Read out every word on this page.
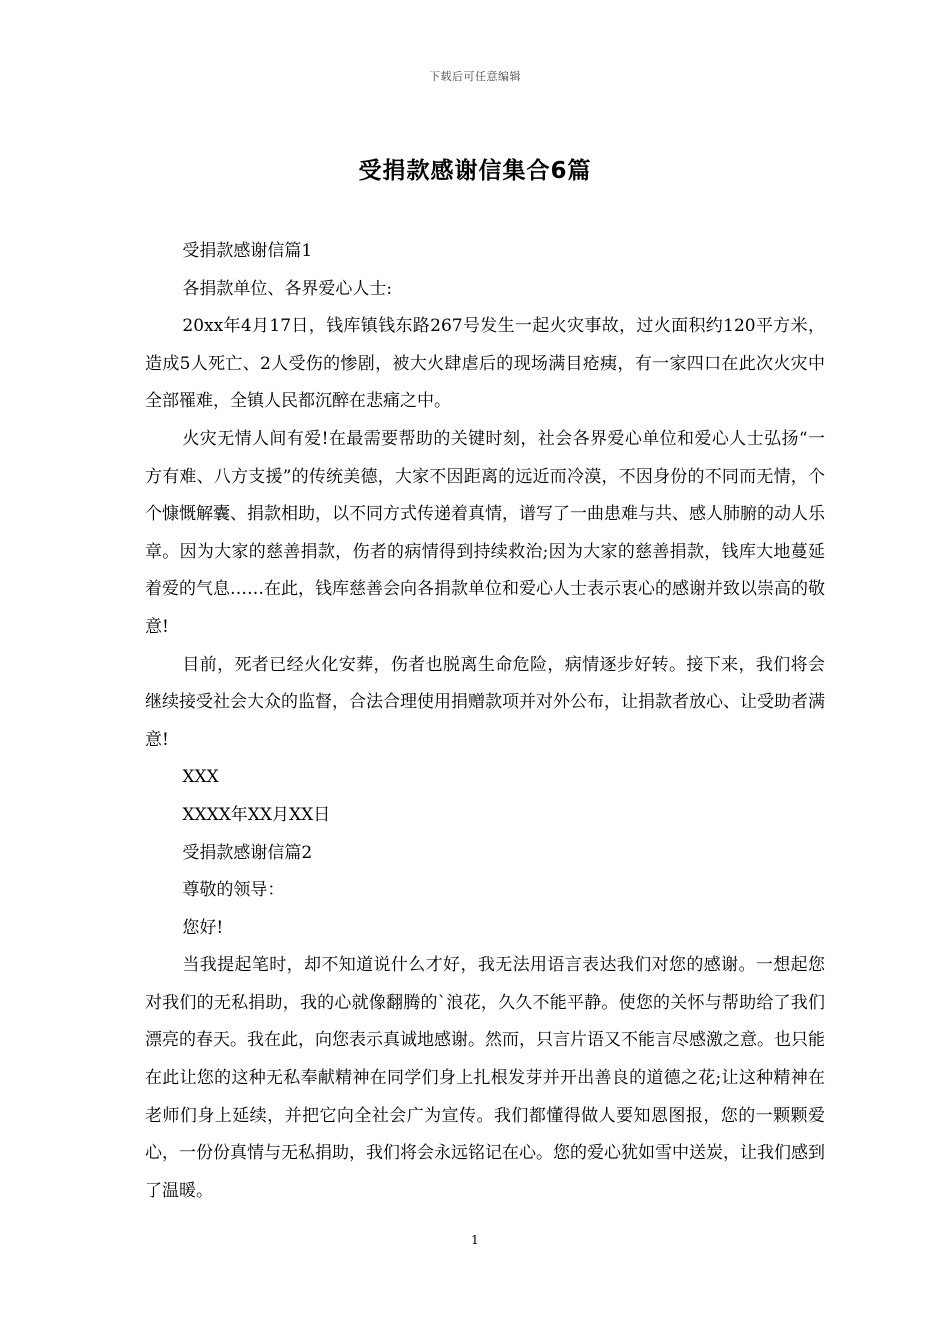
下载后可任意编辑
受捐款感谢信集合6篇

受捐款感谢信篇1

各捐款单位、各界爱心人士:

20xx年4月17日，钱库镇钱东路267号发生一起火灾事故，过火面积约120平方米，造成5人死亡、2人受伤的惨剧，被大火肆虐后的现场满目疮痍，有一家四口在此次火灾中全部罹难，全镇人民都沉醉在悲痛之中。

火灾无情人间有爱!在最需要帮助的关键时刻，社会各界爱心单位和爱心人士弘扬“一方有难、八方支援”的传统美德，大家不因距离的远近而冷漠，不因身份的不同而无情，个个慷慨解囊、捐款相助，以不同方式传递着真情，谱写了一曲患难与共、感人肺腑的动人乐章。因为大家的慈善捐款，伤者的病情得到持续救治;因为大家的慈善捐款，钱库大地蔓延着爱的气息……在此，钱库慈善会向各捐款单位和爱心人士表示衷心的感谢并致以崇高的敬意!

目前，死者已经火化安葬，伤者也脱离生命危险，病情逐步好转。接下来，我们将会继续接受社会大众的监督，合法合理使用捐赠款项并对外公布，让捐款者放心、让受助者满意!

XXX

XXXX年XX月XX日

受捐款感谢信篇2

尊敬的领导：

您好!

当我提起笔时，却不知道说什么才好，我无法用语言表达我们对您的感谢。一想起您对我们的无私捐助，我的心就像翻腾的`浪花，久久不能平静。使您的关怀与帮助给了我们漂亮的春天。我在此，向您表示真诚地感谢。然而，只言片语又不能言尽感激之意。也只能在此让您的这种无私奉献精神在同学们身上扎根发芽并开出善良的道德之花;让这种精神在老师们身上延续，并把它向全社会广为宣传。我们都懂得做人要知恩图报，您的一颗颗爱心，一份份真情与无私捐助，我们将会永远铭记在心。您的爱心犹如雪中送炭，让我们感到了温暖。

1
